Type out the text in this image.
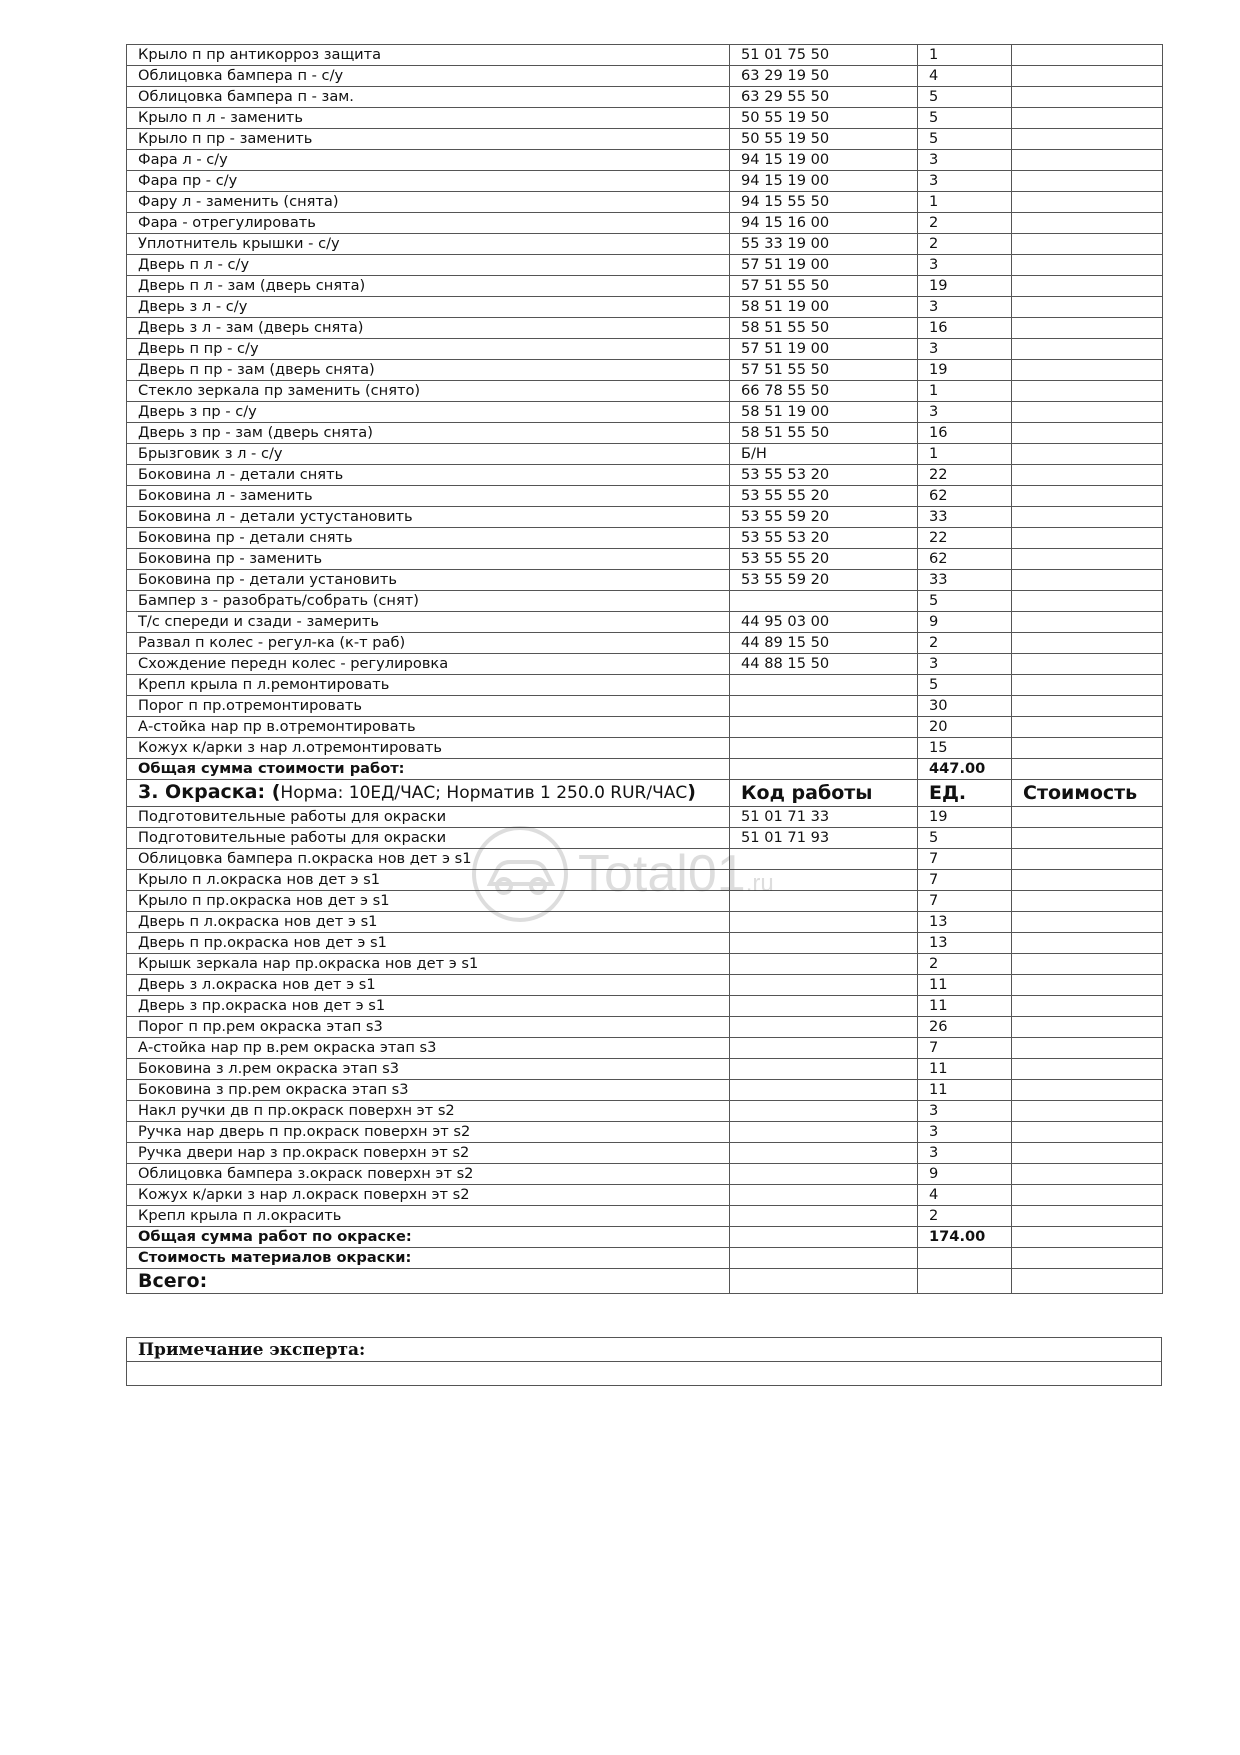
Крыло п пр антикорроз защита	51 01 75 50	1	
Облицовка бампера п - с/у	63 29 19 50	4	
Облицовка бампера п - зам.	63 29 55 50	5	
Крыло п л - заменить	50 55 19 50	5	
Крыло п пр - заменить	50 55 19 50	5	
Фара л - с/у	94 15 19 00	3	
Фара пр - с/у	94 15 19 00	3	
Фару л - заменить (снята)	94 15 55 50	1	
Фара - отрегулировать	94 15 16 00	2	
Уплотнитель крышки - с/у	55 33 19 00	2	
Дверь п л - с/у	57 51 19 00	3	
Дверь п л - зам (дверь снята)	57 51 55 50	19	
Дверь з л - с/у	58 51 19 00	3	
Дверь з л - зам (дверь снята)	58 51 55 50	16	
Дверь п пр - с/у	57 51 19 00	3	
Дверь п пр - зам (дверь снята)	57 51 55 50	19	
Стекло зеркала пр заменить (снято)	66 78 55 50	1	
Дверь з пр - с/у	58 51 19 00	3	
Дверь з пр - зам (дверь снята)	58 51 55 50	16	
Брызговик з л - с/у	Б/Н	1	
Боковина л - детали снять	53 55 53 20	22	
Боковина л - заменить	53 55 55 20	62	
Боковина л - детали устустановить	53 55 59 20	33	
Боковина пр - детали снять	53 55 53 20	22	
Боковина пр - заменить	53 55 55 20	62	
Боковина пр - детали установить	53 55 59 20	33	
Бампер з - разобрать/собрать (снят)		5	
Т/с спереди и сзади - замерить	44 95 03 00	9	
Развал п колес - регул-ка (к-т раб)	44 89 15 50	2	
Схождение передн колес - регулировка	44 88 15 50	3	
Крепл крыла п л.ремонтировать		5	
Порог п пр.отремонтировать		30	
А-стойка нар пр в.отремонтировать		20	
Кожух к/арки з нар л.отремонтировать		15	
Общая сумма стоимости работ:		447.00	
3. Окраска: (Норма: 10ЕД/ЧАС; Норматив 1 250.0 RUR/ЧАС)	Код работы	ЕД.	Стоимость
Подготовительные работы для окраски	51 01 71 33	19	
Подготовительные работы для окраски	51 01 71 93	5	
Облицовка бампера п.окраска нов дет э s1		7	
Крыло п л.окраска нов дет э s1		7	
Крыло п пр.окраска нов дет э s1		7	
Дверь п л.окраска нов дет э s1		13	
Дверь п пр.окраска нов дет э s1		13	
Крышк зеркала нар пр.окраска нов дет э s1		2	
Дверь з л.окраска нов дет э s1		11	
Дверь з пр.окраска нов дет э s1		11	
Порог п пр.рем окраска этап s3		26	
А-стойка нар пр в.рем окраска этап s3		7	
Боковина з л.рем окраска этап s3		11	
Боковина з пр.рем окраска этап s3		11	
Накл ручки дв п пр.окраск поверхн эт s2		3	
Ручка нар дверь п пр.окраск поверхн эт s2		3	
Ручка двери нар з пр.окраск поверхн эт s2		3	
Облицовка бампера з.окраск поверхн эт s2		9	
Кожух к/арки з нар л.окраск поверхн эт s2		4	
Крепл крыла п л.окрасить		2	
Общая сумма работ по окраске:		174.00	
Стоимость материалов окраски:			
Всего:			
Примечание эксперта:

Total01.ru
